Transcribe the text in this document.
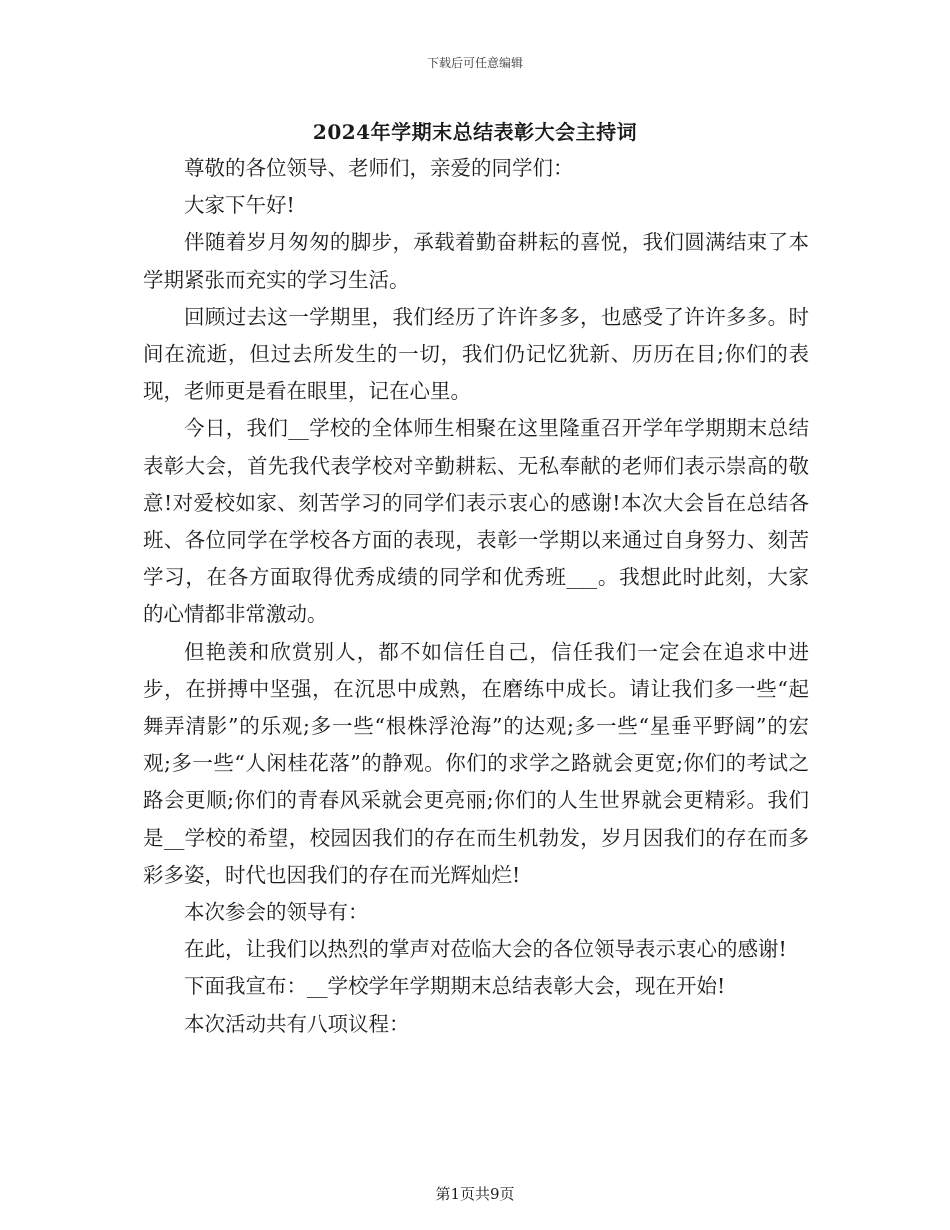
下载后可任意编辑
2024年学期末总结表彰大会主持词

尊敬的各位领导、老师们，亲爱的同学们：

大家下午好!

伴随着岁月匆匆的脚步，承载着勤奋耕耘的喜悦，我们圆满结束了本学期紧张而充实的学习生活。

回顾过去这一学期里，我们经历了许许多多，也感受了许许多多。时间在流逝，但过去所发生的一切，我们仍记忆犹新、历历在目;你们的表现，老师更是看在眼里，记在心里。

今日，我们__学校的全体师生相聚在这里隆重召开学年学期期末总结表彰大会，首先我代表学校对辛勤耕耘、无私奉献的老师们表示崇高的敬意!对爱校如家、刻苦学习的同学们表示衷心的感谢!本次大会旨在总结各班、各位同学在学校各方面的表现，表彰一学期以来通过自身努力、刻苦学习，在各方面取得优秀成绩的同学和优秀班___。我想此时此刻，大家的心情都非常激动。

但艳羡和欣赏别人，都不如信任自己，信任我们一定会在追求中进步，在拼搏中坚强，在沉思中成熟，在磨练中成长。请让我们多一些“起舞弄清影”的乐观;多一些“根株浮沧海”的达观;多一些“星垂平野阔”的宏观;多一些“人闲桂花落”的静观。你们的求学之路就会更宽;你们的考试之路会更顺;你们的青春风采就会更亮丽;你们的人生世界就会更精彩。我们是__学校的希望，校园因我们的存在而生机勃发，岁月因我们的存在而多彩多姿，时代也因我们的存在而光辉灿烂!

本次参会的领导有：

在此，让我们以热烈的掌声对莅临大会的各位领导表示衷心的感谢!

下面我宣布：__学校学年学期期末总结表彰大会，现在开始!

本次活动共有八项议程：

第1页共9页
